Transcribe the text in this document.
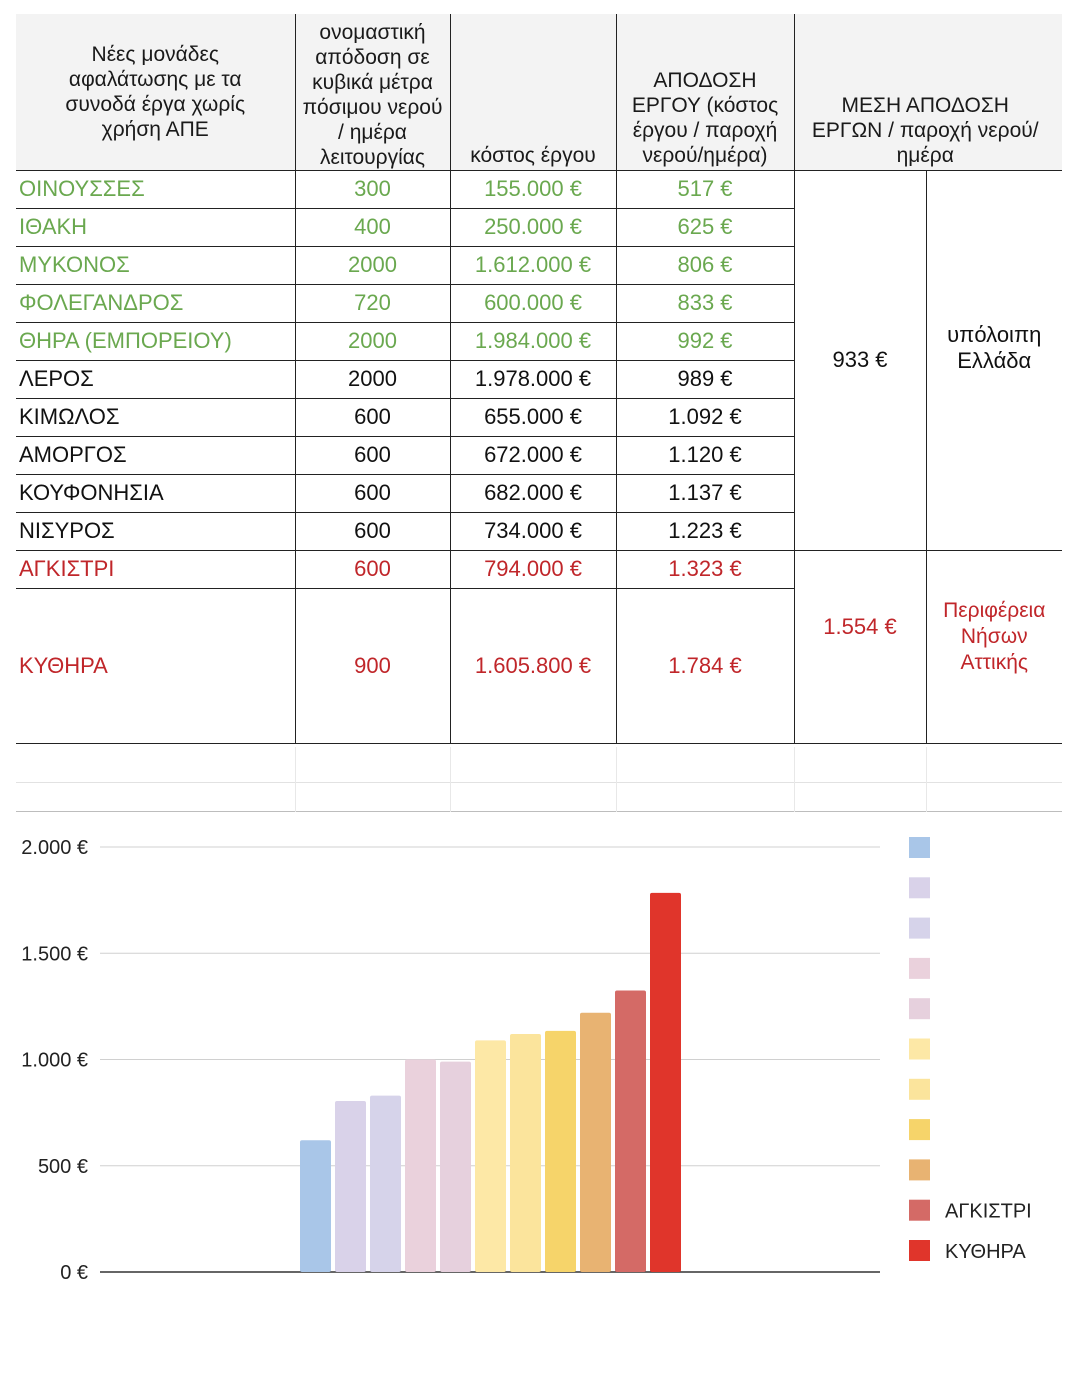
Νέες μονάδες αφαλάτωσης με τα συνοδά έργα χωρίς χρήση ΑΠΕ	ονομαστική απόδοση σε κυβικά μέτρα πόσιμου νερού / ημέρα λειτουργίας	κόστος έργου	ΑΠΟΔΟΣΗ ΕΡΓΟΥ (κόστος έργου / παροχή νερού/ημέρα)	ΜΕΣΗ ΑΠΟΔΟΣΗ ΕΡΓΩΝ / παροχή νερού/ημέρα	
ΟΙΝΟΥΣΣΕΣ	300	155.000 €	517 €	933 €	υπόλοιπη Ελλάδα
ΙΘΑΚΗ	400	250.000 €	625 €		
ΜΥΚΟΝΟΣ	2000	1.612.000 €	806 €		
ΦΟΛΕΓΑΝΔΡΟΣ	720	600.000 €	833 €		
ΘΗΡΑ (ΕΜΠΟΡΕΙΟΥ)	2000	1.984.000 €	992 €		
ΛΕΡΟΣ	2000	1.978.000 €	989 €		
ΚΙΜΩΛΟΣ	600	655.000 €	1.092 €		
ΑΜΟΡΓΟΣ	600	672.000 €	1.120 €		
ΚΟΥΦΟΝΗΣΙΑ	600	682.000 €	1.137 €		
ΝΙΣΥΡΟΣ	600	734.000 €	1.223 €		
ΑΓΚΙΣΤΡΙ	600	794.000 €	1.323 €	1.554 €	Περιφέρεια Νήσων Αττικής
ΚΥΘΗΡΑ	900	1.605.800 €	1.784 €		
0 €
500 €
1.000 €
1.500 €
2.000 €
ΑΓΚΙΣΤΡΙ
ΚΥΘΗΡΑ
